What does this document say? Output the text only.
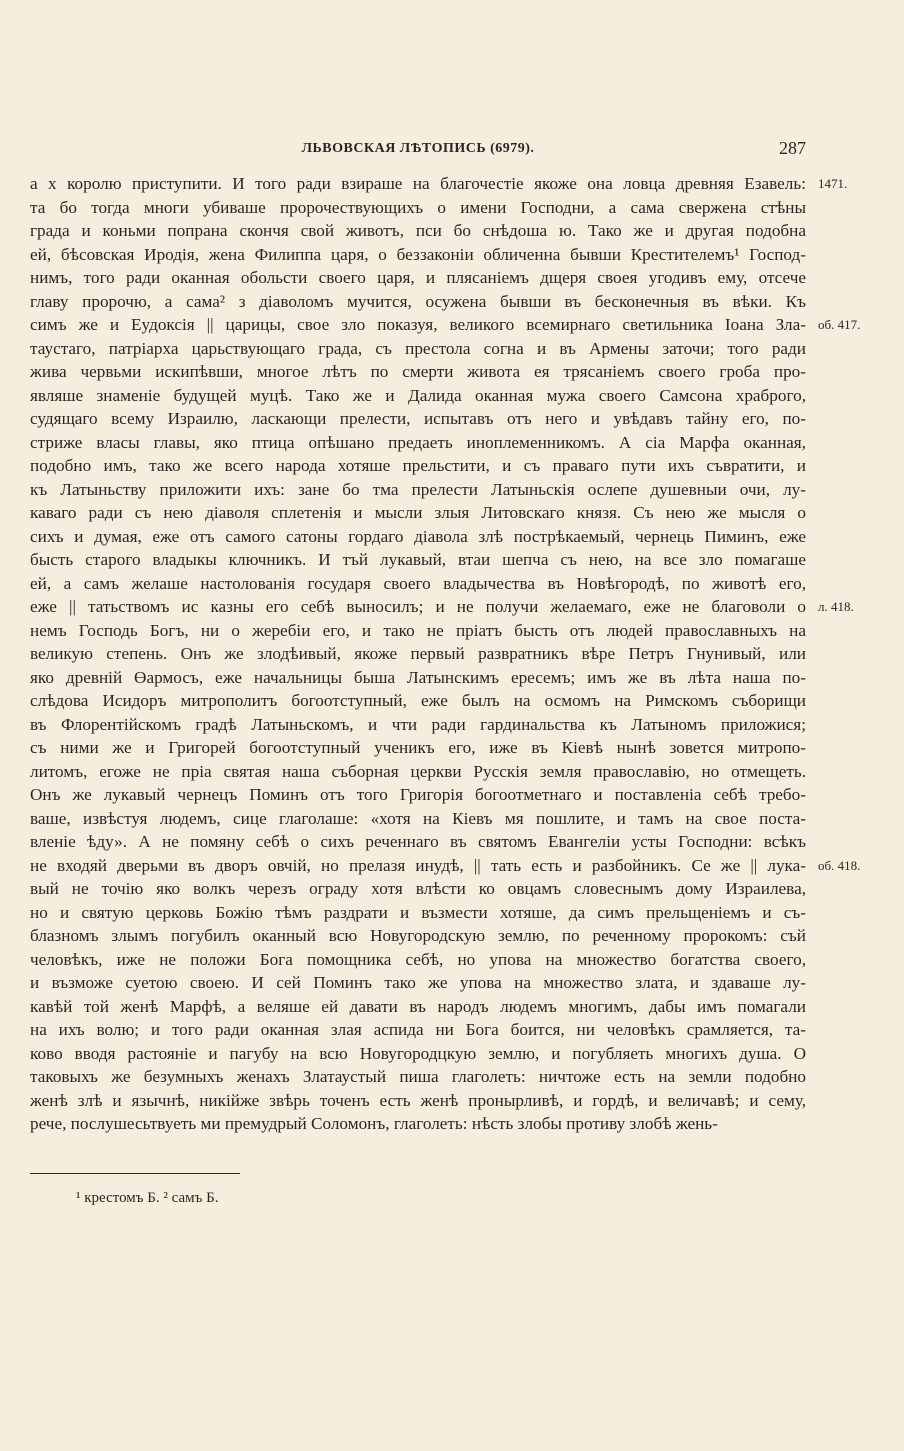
ЛЬВОВСКАЯ ЛѢТОПИСЬ (6979).	287
а х королю приступити. И того ради взираше на благочестіе якоже она ловца древняя Езавель:
та бо тогда многи убиваше пророчествующихъ о имени Господни, а сама свержена стѣны
града и коньми попрана скончя свой животъ, пси бо снѣдоша ю. Тако же и другая подобна
ей, бѣсовская Иродія, жена Филиппа царя, о беззаконіи обличенна бывши Крестителемъ¹ Господ-
нимъ, того ради оканная обольсти своего царя, и плясаніемъ дщеря своея угодивъ ему, отсече
главу пророчю, а сама² з діаволомъ мучится, осужена бывши въ бесконечныя въ вѣки. Къ
симъ же и Еудоксія || царицы, свое зло показуя, великого всемирнаго светильника Іоана Зла-
таустаго, патріарха царьствующаго града, съ престола согна и въ Армены заточи; того ради
жива червьми искипѣвши, многое лѣтъ по смерти живота ея трясаніемъ своего гроба про-
являше знаменіе будущей муцѣ. Тако же и Далида оканная мужа своего Самсона храброго,
судящаго всему Израилю, ласкающи прелести, испытавъ отъ него и увѣдавъ тайну его, по-
стриже власы главы, яко птица опѣшано предаеть иноплеменникомъ. А сіа Марфа оканная,
подобно имъ, тако же всего народа хотяше прельстити, и съ праваго пути ихъ съвратити, и
къ Латыньству приложити ихъ: зане бо тма прелести Латыньскія ослепе душевныи очи, лу-
каваго ради съ нею діаволя сплетенія и мысли злыя Литовскаго князя. Съ нею же мысля о
сихъ и думая, еже отъ самого сатоны гордаго діавола злѣ пострѣкаемый, чернець Пиминъ, еже
бысть старого владыкы ключникъ. И тъй лукавый, втаи шепча съ нею, на все зло помагаше
ей, а самъ желаше настолованія государя своего владычества въ Новѣгородѣ, по животѣ его,
еже || татьствомъ ис казны его себѣ выносилъ; и не получи желаемаго, еже не благоволи о
немъ Господь Богъ, ни о жеребіи его, и тако не пріатъ бысть отъ людей православныхъ на
великую степень. Онъ же злодѣивый, якоже первый развратникъ вѣре Петръ Гнунивый, или
яко древній Өармосъ, еже начальницы быша Латынскимъ ересемъ; имъ же въ лѣта наша по-
слѣдова Исидоръ митрополитъ богоотступный, еже былъ на осмомъ на Римскомъ съборищи
въ Флорентійскомъ градѣ Латыньскомъ, и чти ради гардинальства къ Латыномъ приложися;
съ ними же и Григорей богоотступный ученикъ его, иже въ Кіевѣ нынѣ зовется митропо-
литомъ, егоже не пріа святая наша съборная церкви Русскія земля православію, но отмещеть.
Онъ же лукавый чернецъ Поминъ отъ того Григорія богоотметнаго и поставленіа себѣ требо-
ваше, извѣстуя людемъ, сице глаголаше: «хотя на Кіевъ мя пошлите, и тамъ на свое поста-
вленіе ѣду». А не помяну себѣ о сихъ реченнаго въ святомъ Евангеліи усты Господни: всѣкъ
не входяй дверьми въ дворъ овчій, но прелазя инудѣ, || тать есть и разбойникъ. Се же || лука-
вый не точію яко волкъ черезъ ограду хотя влѣсти ко овцамъ словеснымъ дому Израилева,
но и святую церковь Божію тѣмъ раздрати и възмести хотяше, да симъ прельщеніемъ и съ-
блазномъ злымъ погубилъ оканный всю Новугородскую землю, по реченному пророкомъ: съй
человѣкъ, иже не положи Бога помощника себѣ, но упова на множество богатства своего,
и възможе суетою своею. И сей Поминъ тако же упова на множество злата, и здаваше лу-
кавѣй той женѣ Марфѣ, а веляше ей давати въ народъ людемъ многимъ, дабы имъ помагали
на ихъ волю; и того ради оканная злая аспида ни Бога боится, ни человѣкъ срамляется, та-
ково вводя растояніе и пагубу на всю Новугородцкую землю, и погубляеть многихъ душа. О
таковыхъ же безумныхъ женахъ Златаустый пиша глаголеть: ничтоже есть на земли подобно
женѣ злѣ и язычнѣ, никійже звѣрь точенъ есть женѣ пронырливѣ, и гордѣ, и величавѣ; и сему,
рече, послушесьтвуеть ми премудрый Соломонъ, глаголеть: нѣсть злобы противу злобѣ жень-
1471.
об. 417.
л. 418.
об. 418.
¹ крестомъ Б. ² самъ Б.
